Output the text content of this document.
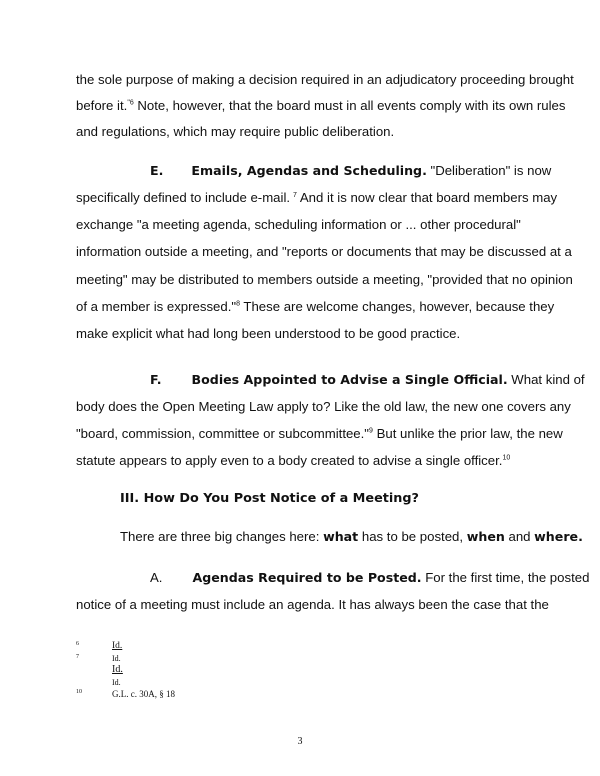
the sole purpose of making a decision required in an adjudicatory proceeding brought
before it.$^{"6}$ Note, however, that the board must in all events comply with its own rules
and regulations, which may require public deliberation.
E. Emails, Agendas and Scheduling. "Deliberation" is now
specifically defined to include e-mail. $^7$ And it is now clear that board members may
exchange "a meeting agenda, scheduling information or ... other procedural"
information outside a meeting, and "reports or documents that may be discussed at a
meeting" may be distributed to members outside a meeting, "provided that no opinion
of a member is expressed."$^8$ These are welcome changes, however, because they
make explicit what had long been understood to be good practice.
F. Bodies Appointed to Advise a Single Official. What kind of
body does the Open Meeting Law apply to? Like the old law, the new one covers any
"board, commission, committee or subcommittee."$^9$ But unlike the prior law, the new
statute appears to apply even to a body created to advise a single officer.$^{10}$
III. How Do You Post Notice of a Meeting?
There are three big changes here: what has to be posted, when and where.
A. Agendas Required to be Posted. For the first time, the posted
notice of a meeting must include an agenda. It has always been the case that the
6	Id.
7	Id.
Id.
Id.
10	G.L. c. 30A, § 18
3
